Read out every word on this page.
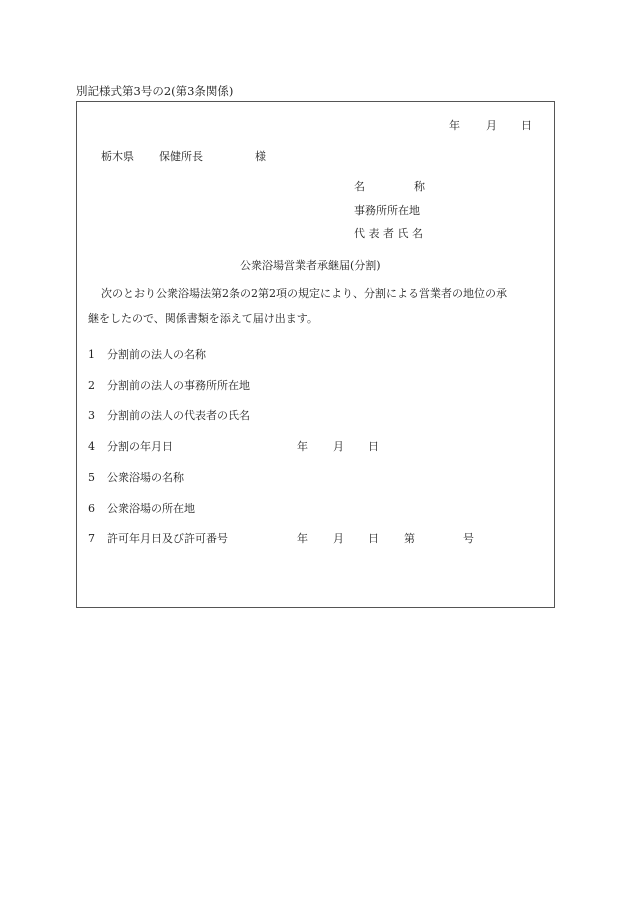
別記様式第3号の2(第3条関係)
年 月 日
栃木県 保健所長	様
名	称
事務所所在地
代 表 者 氏 名
公衆浴場営業者承継届(分割)
次のとおり公衆浴場法第2条の2第2項の規定により、分割による営業者の地位の承
継をしたので、関係書類を添えて届け出ます。
1 分割前の法人の名称
2 分割前の法人の事務所所在地
3 分割前の法人の代表者の氏名
4 分割の年月日	年 月 日
5 公衆浴場の名称
6 公衆浴場の所在地
7 許可年月日及び許可番号	年 月 日 第	号
